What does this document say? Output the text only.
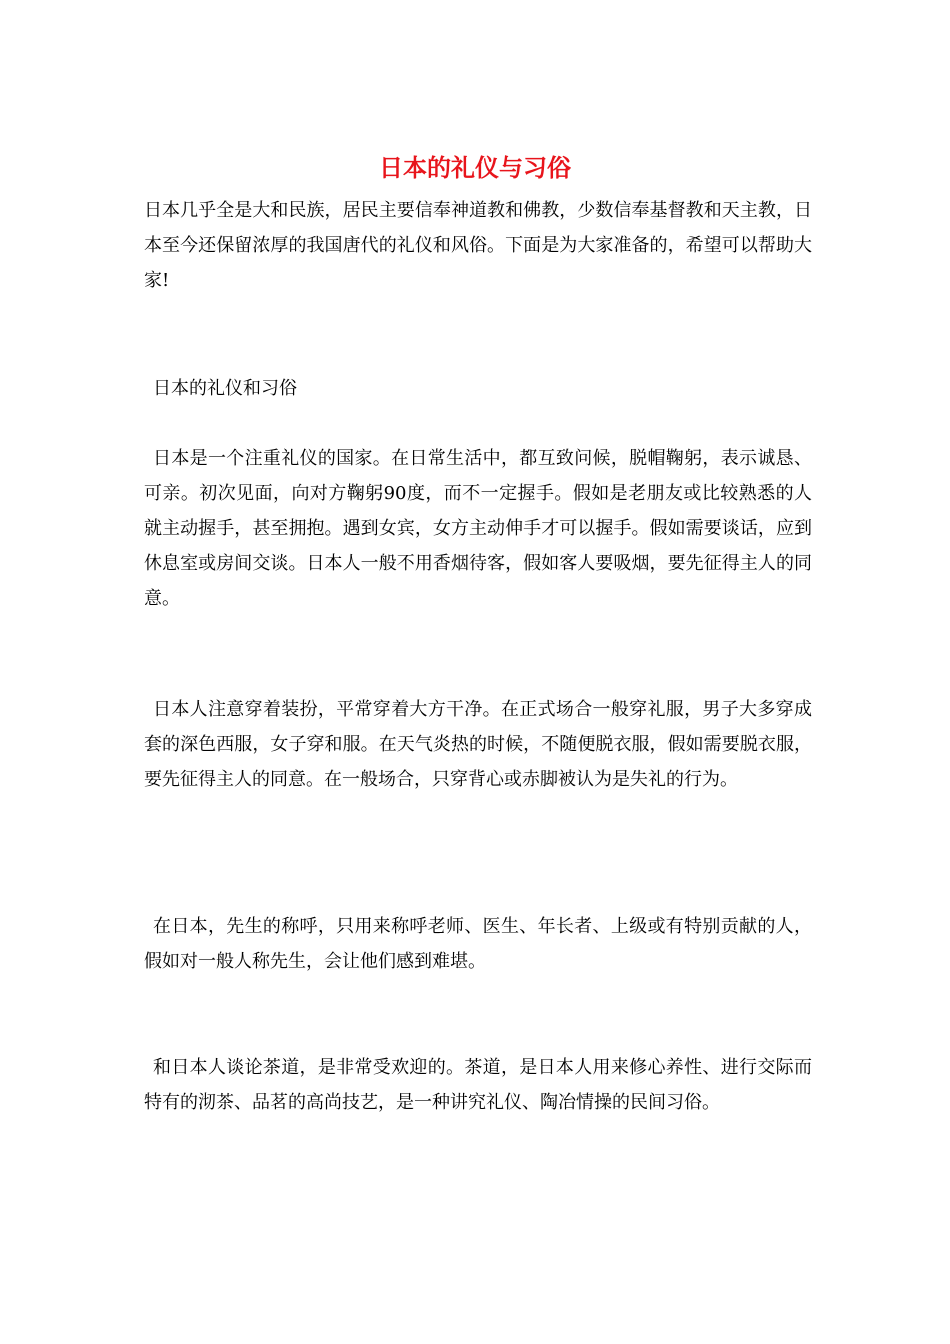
日本的礼仪与习俗

日本几乎全是大和民族，居民主要信奉神道教和佛教，少数信奉基督教和天主教，日本至今还保留浓厚的我国唐代的礼仪和风俗。下面是为大家准备的，希望可以帮助大家!

日本的礼仪和习俗

日本是一个注重礼仪的国家。在日常生活中，都互致问候，脱帽鞠躬，表示诚恳、可亲。初次见面，向对方鞠躬90度，而不一定握手。假如是老朋友或比较熟悉的人就主动握手，甚至拥抱。遇到女宾，女方主动伸手才可以握手。假如需要谈话，应到休息室或房间交谈。日本人一般不用香烟待客，假如客人要吸烟，要先征得主人的同意。

日本人注意穿着装扮，平常穿着大方干净。在正式场合一般穿礼服，男子大多穿成套的深色西服，女子穿和服。在天气炎热的时候，不随便脱衣服，假如需要脱衣服，要先征得主人的同意。在一般场合，只穿背心或赤脚被认为是失礼的行为。

在日本，先生的称呼，只用来称呼老师、医生、年长者、上级或有特别贡献的人，假如对一般人称先生，会让他们感到难堪。

和日本人谈论茶道，是非常受欢迎的。茶道，是日本人用来修心养性、进行交际而特有的沏茶、品茗的高尚技艺，是一种讲究礼仪、陶冶情操的民间习俗。
